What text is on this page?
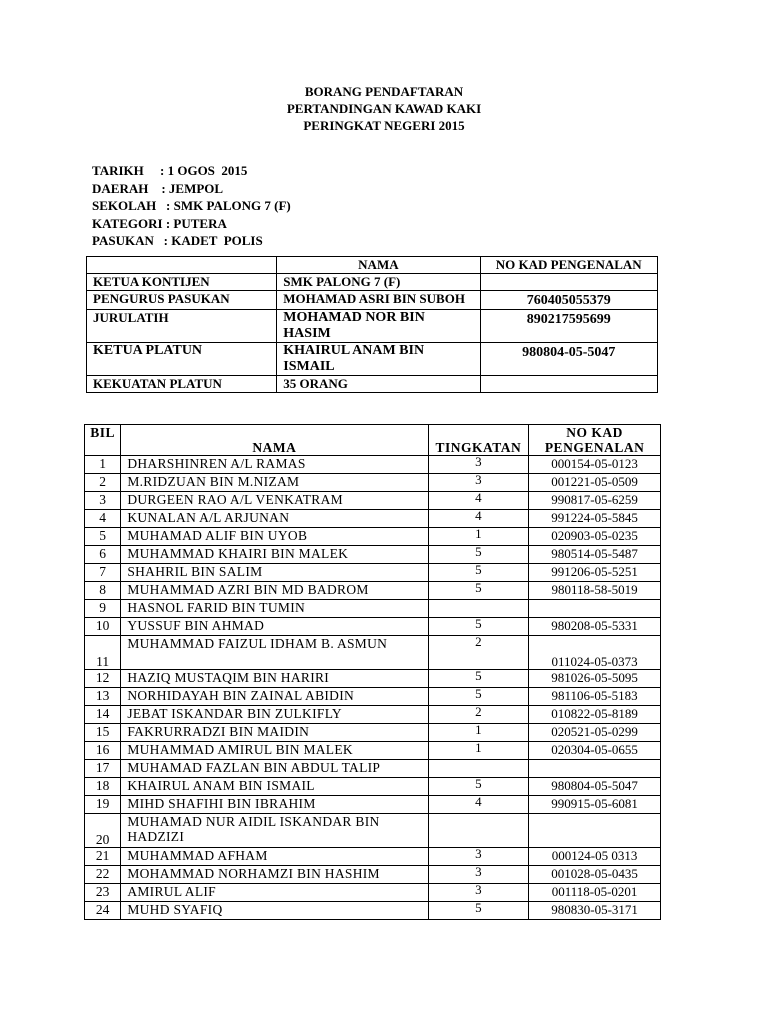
BORANG PENDAFTARAN
PERTANDINGAN KAWAD KAKI
PERINGKAT NEGERI 2015
TARIKH : 1 OGOS  2015
DAERAH : JEMPOL
SEKOLAH : SMK PALONG 7 (F)
KATEGORI : PUTERA
PASUKAN : KADET  POLIS
	NAMA	NO KAD PENGENALAN
KETUA KONTIJEN	SMK PALONG 7 (F)	
PENGURUS PASUKAN	MOHAMAD ASRI BIN SUBOH	760405055379
JURULATIH	MOHAMAD NOR BIN HASIM	890217595699
KETUA PLATUN	KHAIRUL ANAM BIN ISMAIL	980804-05-5047
KEKUATAN PLATUN	35 ORANG	
BIL	NAMA	TINGKATAN	NO KAD PENGENALAN
1	DHARSHINREN A/L RAMAS	3	000154-05-0123
2	M.RIDZUAN BIN M.NIZAM	3	001221-05-0509
3	DURGEEN RAO A/L VENKATRAM	4	990817-05-6259
4	KUNALAN A/L ARJUNAN	4	991224-05-5845
5	MUHAMAD ALIF BIN UYOB	1	020903-05-0235
6	MUHAMMAD KHAIRI BIN MALEK	5	980514-05-5487
7	SHAHRIL BIN SALIM	5	991206-05-5251
8	MUHAMMAD AZRI BIN MD BADROM	5	980118-58-5019
9	HASNOL FARID BIN TUMIN		
10	YUSSUF BIN AHMAD	5	980208-05-5331
11	MUHAMMAD FAIZUL IDHAM B. ASMUN	2	011024-05-0373
12	HAZIQ MUSTAQIM BIN HARIRI	5	981026-05-5095
13	NORHIDAYAH BIN ZAINAL ABIDIN	5	981106-05-5183
14	JEBAT ISKANDAR BIN ZULKIFLY	2	010822-05-8189
15	FAKRURRADZI BIN MAIDIN	1	020521-05-0299
16	MUHAMMAD AMIRUL BIN MALEK	1	020304-05-0655
17	MUHAMAD FAZLAN BIN ABDUL TALIP		
18	KHAIRUL ANAM BIN ISMAIL	5	980804-05-5047
19	MIHD SHAFIHI BIN IBRAHIM	4	990915-05-6081
20	MUHAMAD NUR AIDIL ISKANDAR BIN HADZIZI		
21	MUHAMMAD AFHAM	3	000124-05 0313
22	MOHAMMAD NORHAMZI BIN HASHIM	3	001028-05-0435
23	AMIRUL ALIF	3	001118-05-0201
24	MUHD SYAFIQ	5	980830-05-3171
